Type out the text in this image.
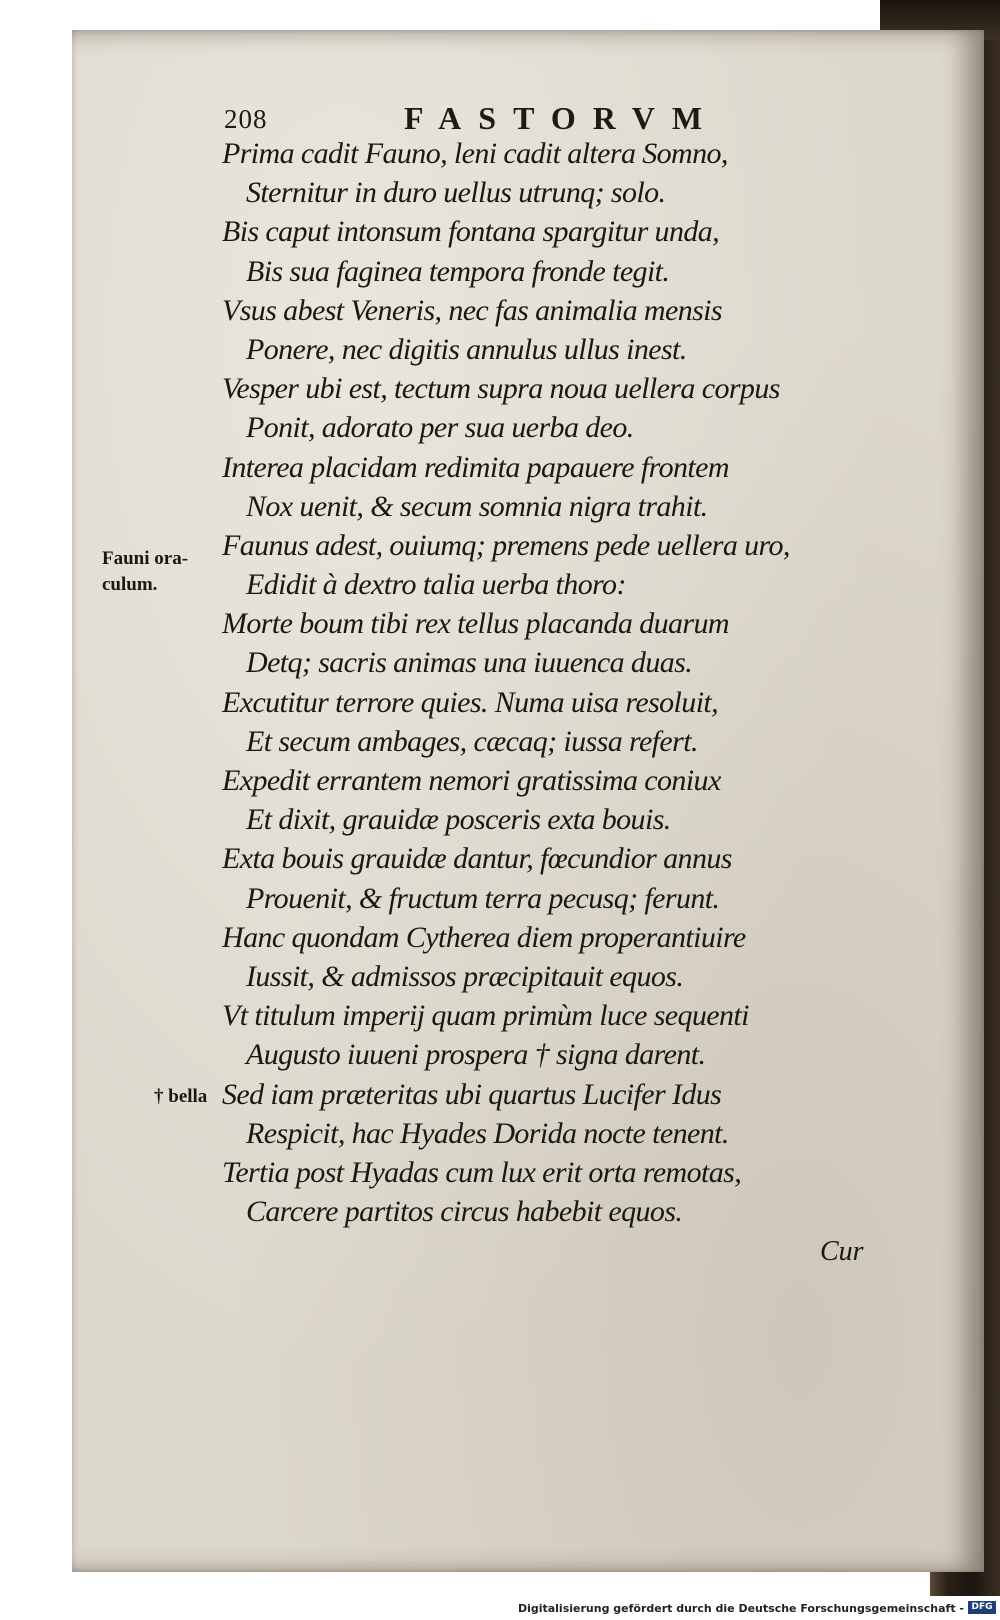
208	FASTORVM
Prima cadit Fauno, leni cadit altera Somno,
Sternitur in duro uellus utrunq; solo.
Bis caput intonsum fontana spargitur unda,
Bis sua faginea tempora fronde tegit.
Vsus abest Veneris, nec fas animalia mensis
Ponere, nec digitis annulus ullus inest.
Vesper ubi est, tectum supra noua uellera corpus
Ponit, adorato per sua uerba deo.
Interea placidam redimita papauere frontem
Nox uenit, & secum somnia nigra trahit.
Faunus adest, ouiumq; premens pede uellera uro,
Edidit à dextro talia uerba thoro:
Morte boum tibi rex tellus placanda duarum
Detq; sacris animas una iuuenca duas.
Excutitur terrore quies. Numa uisa resoluit,
Et secum ambages, cæcaq; iussa refert.
Expedit errantem nemori gratissima coniux
Et dixit, grauidæ posceris exta bouis.
Exta bouis grauidæ dantur, fœcundior annus
Prouenit, & fructum terra pecusq; ferunt.
Hanc quondam Cytherea diem properantiuire
Iussit, & admissos præcipitauit equos.
Vt titulum imperij quam primùm luce sequenti
Augusto iuueni prospera † signa darent.
Sed iam præteritas ubi quartus Lucifer Idus
Respicit, hac Hyades Dorida nocte tenent.
Tertia post Hyadas cum lux erit orta remotas,
Carcere partitos circus habebit equos.
Fauni ora-
culum.
† bella
Cur
Digitalisierung gefördert durch die Deutsche Forschungsgemeinschaft - DFG
